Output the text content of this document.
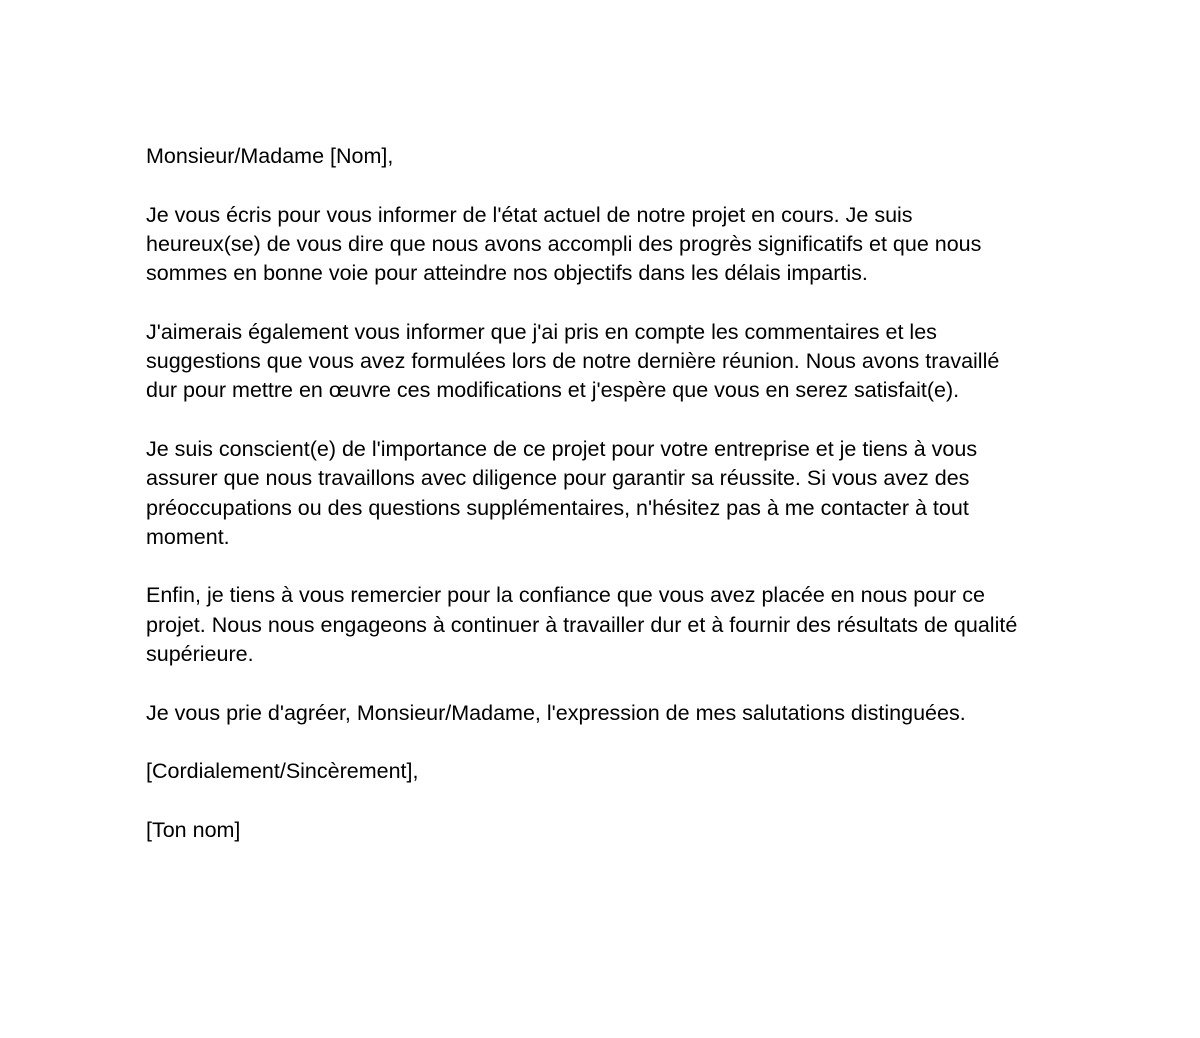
Monsieur/Madame [Nom],

Je vous écris pour vous informer de l'état actuel de notre projet en cours. Je suis
heureux(se) de vous dire que nous avons accompli des progrès significatifs et que nous
sommes en bonne voie pour atteindre nos objectifs dans les délais impartis.

J'aimerais également vous informer que j'ai pris en compte les commentaires et les
suggestions que vous avez formulées lors de notre dernière réunion. Nous avons travaillé
dur pour mettre en œuvre ces modifications et j'espère que vous en serez satisfait(e).

Je suis conscient(e) de l'importance de ce projet pour votre entreprise et je tiens à vous
assurer que nous travaillons avec diligence pour garantir sa réussite. Si vous avez des
préoccupations ou des questions supplémentaires, n'hésitez pas à me contacter à tout
moment.

Enfin, je tiens à vous remercier pour la confiance que vous avez placée en nous pour ce
projet. Nous nous engageons à continuer à travailler dur et à fournir des résultats de qualité
supérieure.

Je vous prie d'agréer, Monsieur/Madame, l'expression de mes salutations distinguées.

[Cordialement/Sincèrement],

[Ton nom]
